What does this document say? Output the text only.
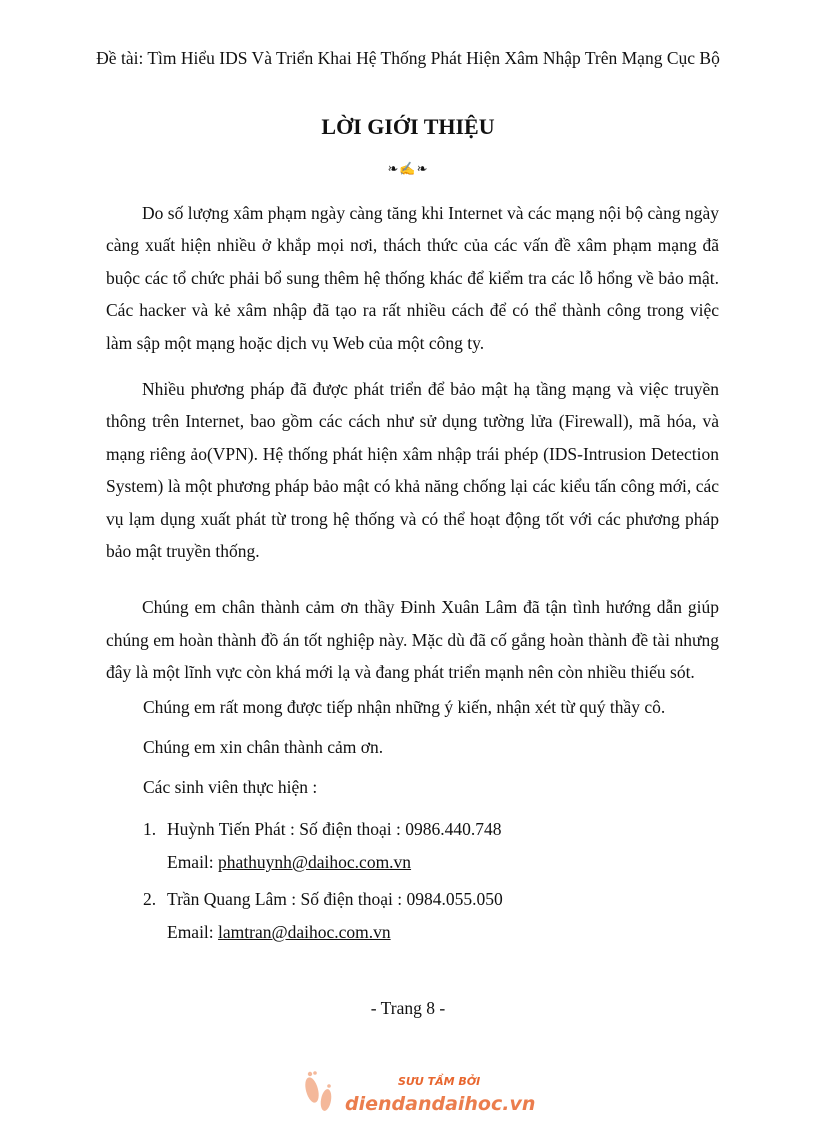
Đề tài: Tìm Hiểu IDS Và Triển Khai Hệ Thống Phát Hiện Xâm Nhập Trên Mạng Cục Bộ
LỜI GIỚI THIỆU
❧✍❧

Do số lượng xâm phạm ngày càng tăng khi Internet và các mạng nội bộ càng ngày càng xuất hiện nhiều ở khắp mọi nơi, thách thức của các vấn đề xâm phạm mạng đã buộc các tổ chức phải bổ sung thêm hệ thống khác để kiểm tra các lỗ hổng về bảo mật. Các hacker và kẻ xâm nhập đã tạo ra rất nhiều cách để có thể thành công trong việc làm sập một mạng hoặc dịch vụ Web của một công ty.

Nhiều phương pháp đã được phát triển để bảo mật hạ tầng mạng và việc truyền thông trên Internet, bao gồm các cách như sử dụng tường lửa (Firewall), mã hóa, và mạng riêng ảo(VPN). Hệ thống phát hiện xâm nhập trái phép (IDS-Intrusion Detection System) là một phương pháp bảo mật có khả năng chống lại các kiểu tấn công mới, các vụ lạm dụng xuất phát từ trong hệ thống và có thể hoạt động tốt với các phương pháp bảo mật truyền thống.

Chúng em chân thành cảm ơn thầy Đinh Xuân Lâm đã tận tình hướng dẫn giúp chúng em hoàn thành đồ án tốt nghiệp này. Mặc dù đã cố gắng hoàn thành đề tài nhưng đây là một lĩnh vực còn khá mới lạ và đang phát triển mạnh nên còn nhiều thiếu sót.

Chúng em rất mong được tiếp nhận những ý kiến, nhận xét từ quý thầy cô.
Chúng em xin chân thành cảm ơn.
Các sinh viên thực hiện :
1. Huỳnh Tiến Phát : Số điện thoại : 0986.440.748
Email: phathuynh@daihoc.com.vn
2. Trần Quang Lâm : Số điện thoại : 0984.055.050
Email: lamtran@daihoc.com.vn
- Trang 8 -
SƯU TẦM BỞI
diendandaihoc.vn
